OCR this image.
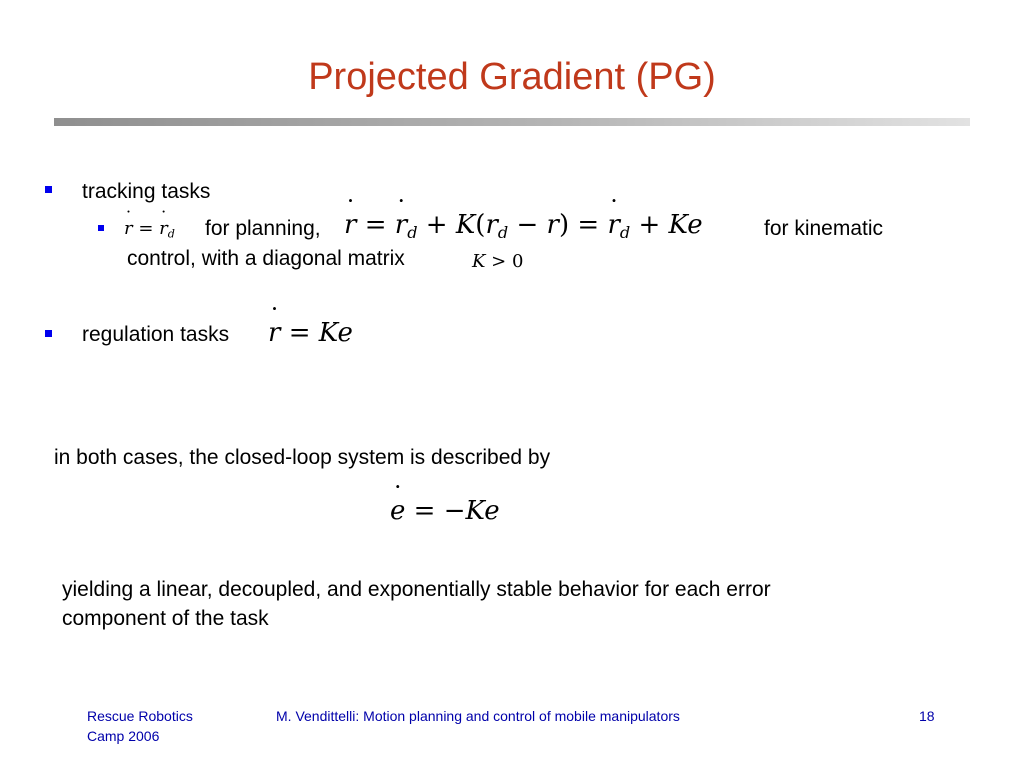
Projected Gradient (PG)
tracking tasks
˙ r = ˙ $r_d$ for planning, ˙ r = ˙ $r_d + K(r_d - r)$ = ˙ $r_d + Ke$	for kinematic
control, with a diagonal matrix	K > 0
regulation tasks ˙ r = Ke
in both cases, the closed-loop system is described by
˙ e = −Ke
yielding a linear, decoupled, and exponentially stable behavior for each error
component of the task
Rescue Robotics
Camp 2006
M. Vendittelli: Motion planning and control of mobile manipulators	18
